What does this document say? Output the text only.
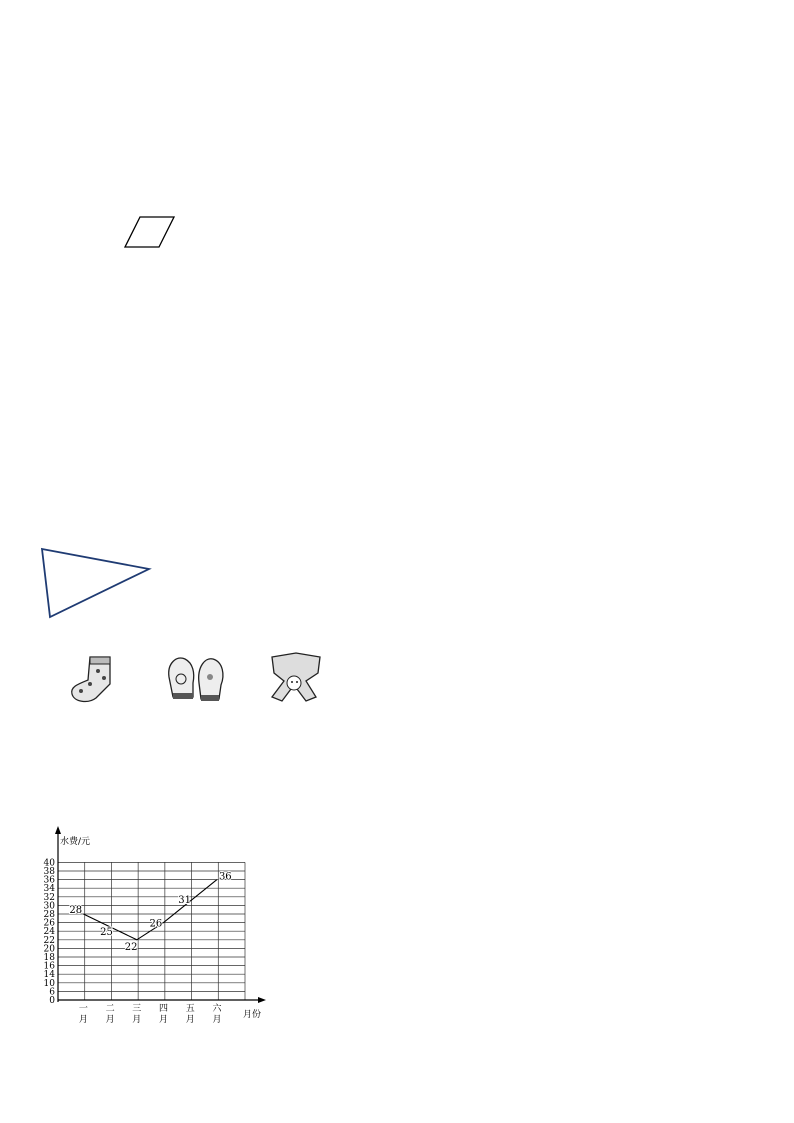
0
6
10
14
16
18
20
22
24
26
28
30
32
34
36
38
40
水费/元
月份
一
月
二
月
三
月
四
月
五
月
六
月
28
25
22
26
31
36
